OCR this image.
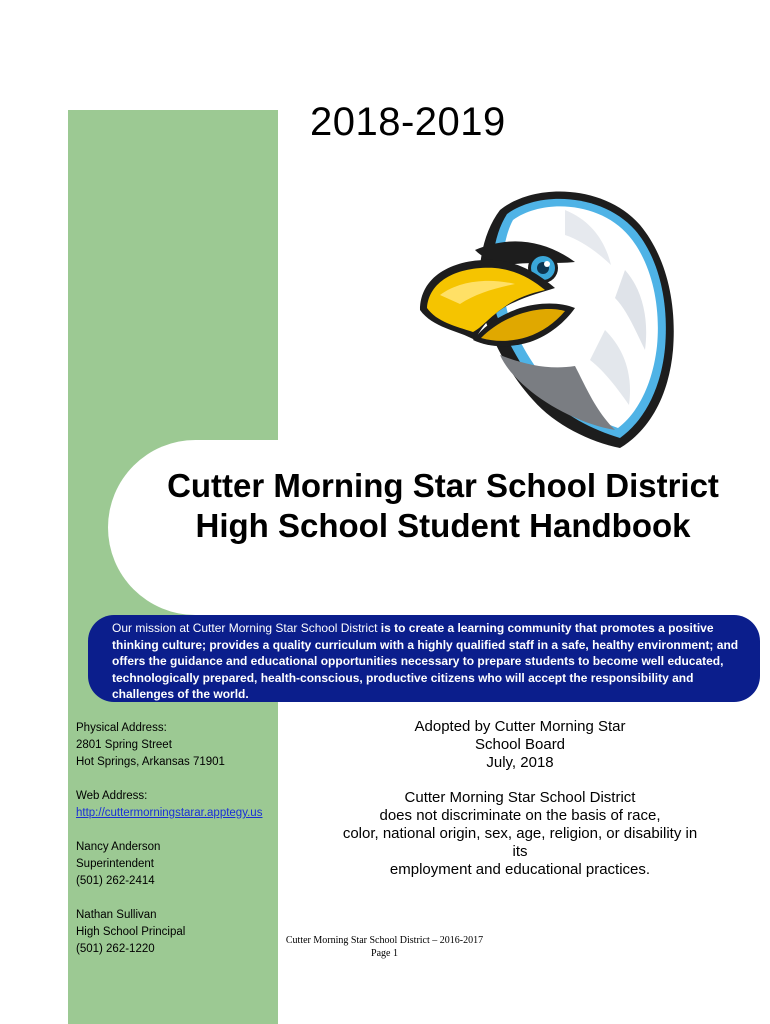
2018-2019
Cutter Morning Star School District
High School Student Handbook
Our mission at Cutter Morning Star School District is to create a learning community that promotes a positive thinking culture; provides a quality curriculum with a highly qualified staff in a safe, healthy environment; and offers the guidance and educational opportunities necessary to prepare students to become well educated, technologically prepared, health-conscious, productive citizens who will accept the responsibility and challenges of the world.
Physical Address:
2801 Spring Street
Hot Springs, Arkansas 71901
Web Address:
http://cuttermorningstarar.apptegy.us
Nancy Anderson
Superintendent
(501) 262-2414
Nathan Sullivan
High School Principal
(501) 262-1220
Adopted by Cutter Morning Star
School Board
July, 2018
Cutter Morning Star School District
does not discriminate on the basis of race,
color, national origin, sex, age, religion, or disability in
its
employment and educational practices.
Cutter Morning Star School District – 2016-2017
Page 1
